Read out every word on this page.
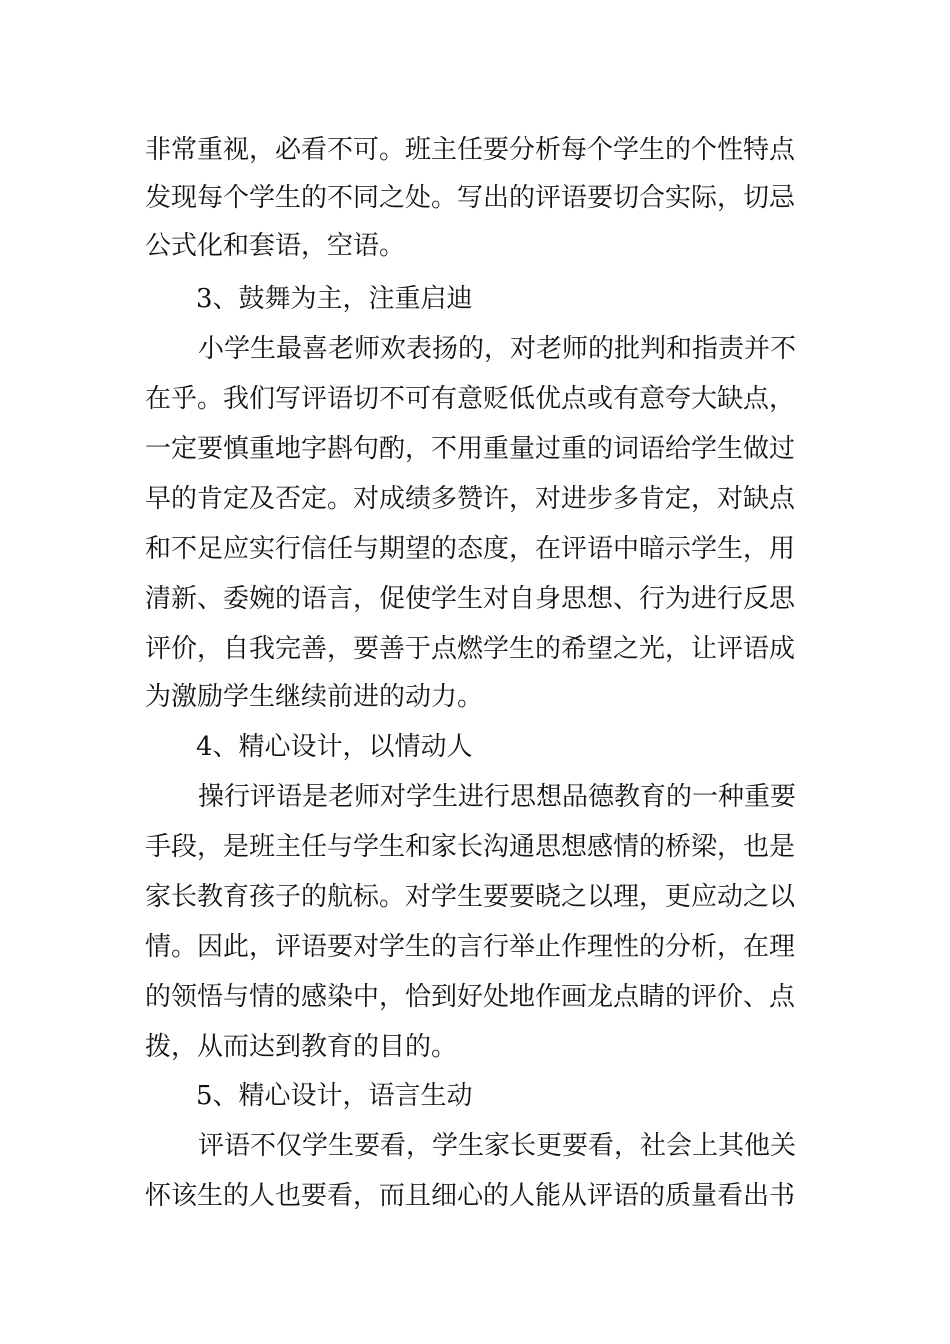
非常重视，必看不可。班主任要分析每个学生的个性特点
发现每个学生的不同之处。写出的评语要切合实际，切忌
公式化和套语，空语。
3、鼓舞为主，注重启迪
小学生最喜老师欢表扬的，对老师的批判和指责并不
在乎。我们写评语切不可有意贬低优点或有意夸大缺点，
一定要慎重地字斟句酌，不用重量过重的词语给学生做过
早的肯定及否定。对成绩多赞许，对进步多肯定，对缺点
和不足应实行信任与期望的态度，在评语中暗示学生，用
清新、委婉的语言，促使学生对自身思想、行为进行反思
评价，自我完善，要善于点燃学生的希望之光，让评语成
为激励学生继续前进的动力。
4、精心设计，以情动人
操行评语是老师对学生进行思想品德教育的一种重要
手段，是班主任与学生和家长沟通思想感情的桥梁，也是
家长教育孩子的航标。对学生要要晓之以理，更应动之以
情。因此，评语要对学生的言行举止作理性的分析，在理
的领悟与情的感染中，恰到好处地作画龙点睛的评价、点
拨，从而达到教育的目的。
5、精心设计，语言生动
评语不仅学生要看，学生家长更要看，社会上其他关
怀该生的人也要看，而且细心的人能从评语的质量看出书
